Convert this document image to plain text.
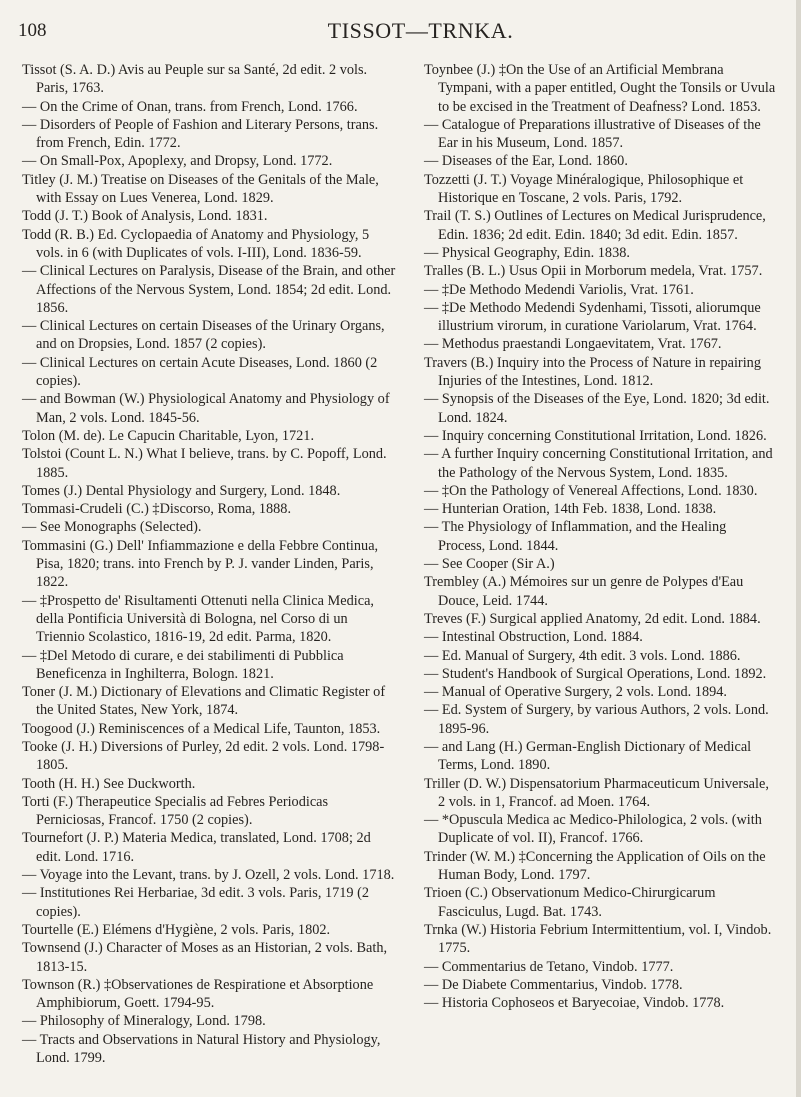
108	TISSOT—TRNKA.

Tissot (S. A. D.) Avis au Peuple sur sa Santé, 2d edit. 2 vols. Paris, 1763.

— On the Crime of Onan, trans. from French, Lond. 1766.

— Disorders of People of Fashion and Literary Persons, trans. from French, Edin. 1772.

— On Small-Pox, Apoplexy, and Dropsy, Lond. 1772.

Titley (J. M.) Treatise on Diseases of the Genitals of the Male, with Essay on Lues Venerea, Lond. 1829.

Todd (J. T.) Book of Analysis, Lond. 1831.

Todd (R. B.) Ed. Cyclopaedia of Anatomy and Physiology, 5 vols. in 6 (with Duplicates of vols. I-III), Lond. 1836-59.

— Clinical Lectures on Paralysis, Disease of the Brain, and other Affections of the Nervous System, Lond. 1854; 2d edit. Lond. 1856.

— Clinical Lectures on certain Diseases of the Urinary Organs, and on Dropsies, Lond. 1857 (2 copies).

— Clinical Lectures on certain Acute Diseases, Lond. 1860 (2 copies).

— and Bowman (W.) Physiological Anatomy and Physiology of Man, 2 vols. Lond. 1845-56.

Tolon (M. de). Le Capucin Charitable, Lyon, 1721.

Tolstoi (Count L. N.) What I believe, trans. by C. Popoff, Lond. 1885.

Tomes (J.) Dental Physiology and Surgery, Lond. 1848.

Tommasi-Crudeli (C.) ‡Discorso, Roma, 1888.

— See Monographs (Selected).

Tommasini (G.) Dell' Infiammazione e della Febbre Continua, Pisa, 1820; trans. into French by P. J. vander Linden, Paris, 1822.

— ‡Prospetto de' Risultamenti Ottenuti nella Clinica Medica, della Pontificia Università di Bologna, nel Corso di un Triennio Scolastico, 1816-19, 2d edit. Parma, 1820.

— ‡Del Metodo di curare, e dei stabilimenti di Pubblica Beneficenza in Inghilterra, Bologn. 1821.

Toner (J. M.) Dictionary of Elevations and Climatic Register of the United States, New York, 1874.

Toogood (J.) Reminiscences of a Medical Life, Taunton, 1853.

Tooke (J. H.) Diversions of Purley, 2d edit. 2 vols. Lond. 1798-1805.

Tooth (H. H.) See Duckworth.

Torti (F.) Therapeutice Specialis ad Febres Periodicas Perniciosas, Francof. 1750 (2 copies).

Tournefort (J. P.) Materia Medica, translated, Lond. 1708; 2d edit. Lond. 1716.

— Voyage into the Levant, trans. by J. Ozell, 2 vols. Lond. 1718.

— Institutiones Rei Herbariae, 3d edit. 3 vols. Paris, 1719 (2 copies).

Tourtelle (E.) Elémens d'Hygiène, 2 vols. Paris, 1802.

Townsend (J.) Character of Moses as an Historian, 2 vols. Bath, 1813-15.

Townson (R.) ‡Observationes de Respiratione et Absorptione Amphibiorum, Goett. 1794-95.

— Philosophy of Mineralogy, Lond. 1798.

— Tracts and Observations in Natural History and Physiology, Lond. 1799.

Toynbee (J.) ‡On the Use of an Artificial Membrana Tympani, with a paper entitled, Ought the Tonsils or Uvula to be excised in the Treatment of Deafness? Lond. 1853.

— Catalogue of Preparations illustrative of Diseases of the Ear in his Museum, Lond. 1857.

— Diseases of the Ear, Lond. 1860.

Tozzetti (J. T.) Voyage Minéralogique, Philosophique et Historique en Toscane, 2 vols. Paris, 1792.

Trail (T. S.) Outlines of Lectures on Medical Jurisprudence, Edin. 1836; 2d edit. Edin. 1840; 3d edit. Edin. 1857.

— Physical Geography, Edin. 1838.

Tralles (B. L.) Usus Opii in Morborum medela, Vrat. 1757.

— ‡De Methodo Medendi Variolis, Vrat. 1761.

— ‡De Methodo Medendi Sydenhami, Tissoti, aliorumque illustrium virorum, in curatione Variolarum, Vrat. 1764.

— Methodus praestandi Longaevitatem, Vrat. 1767.

Travers (B.) Inquiry into the Process of Nature in repairing Injuries of the Intestines, Lond. 1812.

— Synopsis of the Diseases of the Eye, Lond. 1820; 3d edit. Lond. 1824.

— Inquiry concerning Constitutional Irritation, Lond. 1826.

— A further Inquiry concerning Constitutional Irritation, and the Pathology of the Nervous System, Lond. 1835.

— ‡On the Pathology of Venereal Affections, Lond. 1830.

— Hunterian Oration, 14th Feb. 1838, Lond. 1838.

— The Physiology of Inflammation, and the Healing Process, Lond. 1844.

— See Cooper (Sir A.)

Trembley (A.) Mémoires sur un genre de Polypes d'Eau Douce, Leid. 1744.

Treves (F.) Surgical applied Anatomy, 2d edit. Lond. 1884.

— Intestinal Obstruction, Lond. 1884.

— Ed. Manual of Surgery, 4th edit. 3 vols. Lond. 1886.

— Student's Handbook of Surgical Operations, Lond. 1892.

— Manual of Operative Surgery, 2 vols. Lond. 1894.

— Ed. System of Surgery, by various Authors, 2 vols. Lond. 1895-96.

— and Lang (H.) German-English Dictionary of Medical Terms, Lond. 1890.

Triller (D. W.) Dispensatorium Pharmaceuticum Universale, 2 vols. in 1, Francof. ad Moen. 1764.

— *Opuscula Medica ac Medico-Philologica, 2 vols. (with Duplicate of vol. II), Francof. 1766.

Trinder (W. M.) ‡Concerning the Application of Oils on the Human Body, Lond. 1797.

Trioen (C.) Observationum Medico-Chirurgicarum Fasciculus, Lugd. Bat. 1743.

Trnka (W.) Historia Febrium Intermittentium, vol. I, Vindob. 1775.

— Commentarius de Tetano, Vindob. 1777.

— De Diabete Commentarius, Vindob. 1778.

— Historia Cophoseos et Baryecoiae, Vindob. 1778.
